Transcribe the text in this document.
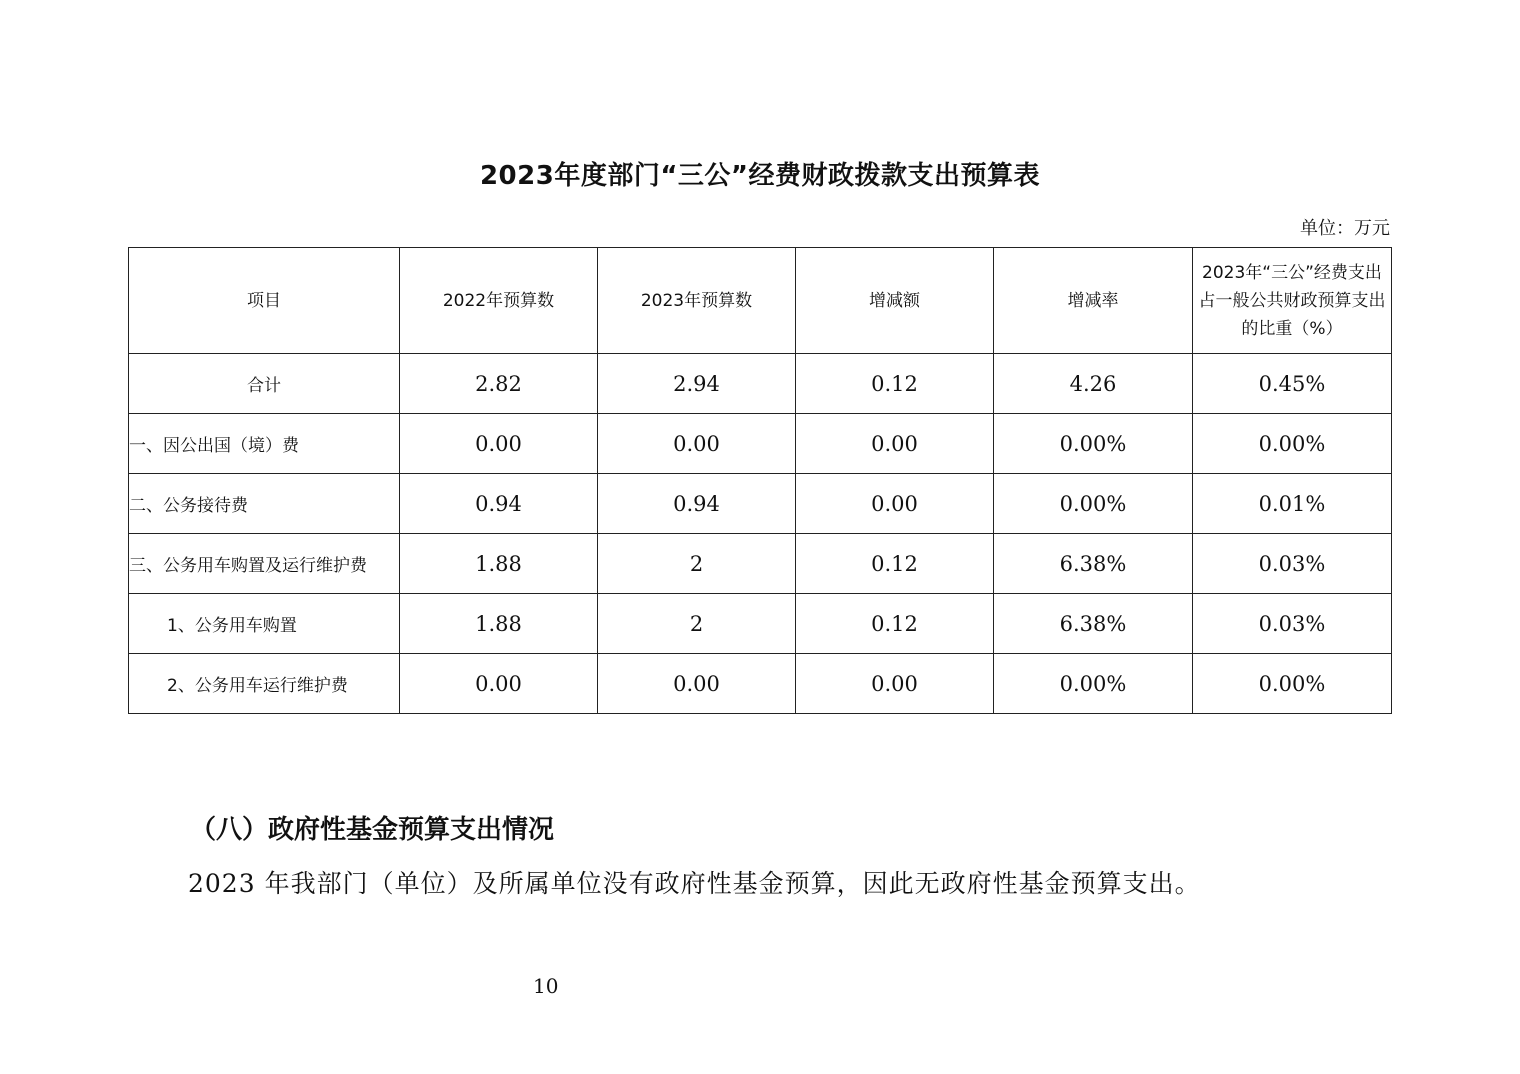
2023年度部门“三公”经费财政拨款支出预算表
单位：万元
项目	2022年预算数	2023年预算数	增减额	增减率	2023年“三公”经费支出占一般公共财政预算支出的比重（%）
合计	2.82	2.94	0.12	4.26	0.45%
一、因公出国（境）费	0.00	0.00	0.00	0.00%	0.00%
二、公务接待费	0.94	0.94	0.00	0.00%	0.01%
三、公务用车购置及运行维护费	1.88	2	0.12	6.38%	0.03%
1、公务用车购置	1.88	2	0.12	6.38%	0.03%
2、公务用车运行维护费	0.00	0.00	0.00	0.00%	0.00%
（八）政府性基金预算支出情况
2023 年我部门（单位）及所属单位没有政府性基金预算，因此无政府性基金预算支出。
10
